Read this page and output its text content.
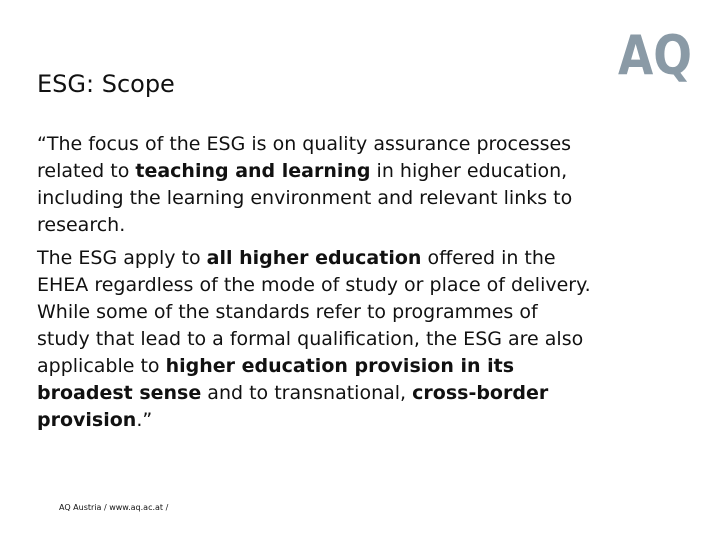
ESG: Scope	AQ

“The focus of the ESG is on quality assurance processes
related to teaching and learning in higher education,
including the learning environment and relevant links to
research.

The ESG apply to all higher education offered in the
EHEA regardless of the mode of study or place of delivery.
While some of the standards refer to programmes of
study that lead to a formal qualification, the ESG are also
applicable to higher education provision in its
broadest sense and to transnational, cross-border
provision.”

AQ Austria / www.aq.ac.at /
